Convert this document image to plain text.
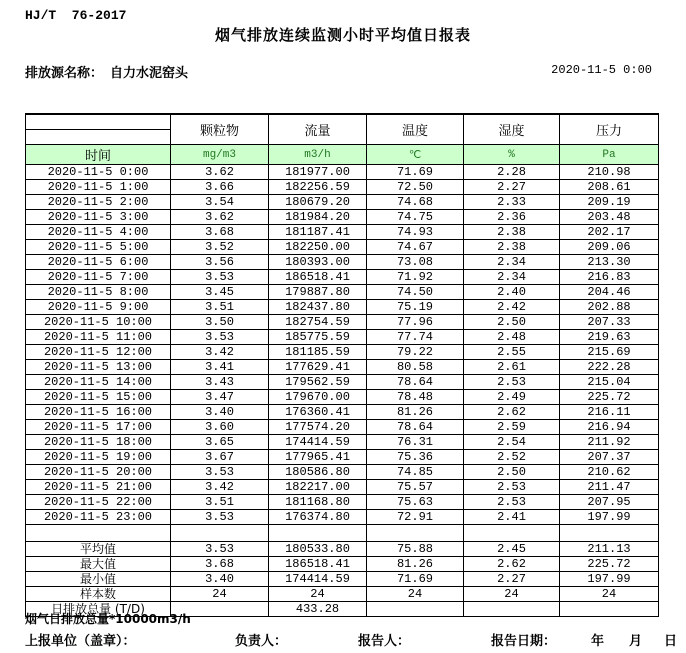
HJ/T  76-2017
烟气排放连续监测小时平均值日报表
排放源名称： 自力水泥窑头	2020-11-5 0:00
	颗粒物	流量	温度	湿度	压力

时间	mg/m3	m3/h	℃	%	Pa
2020-11-5 0:00	3.62	181977.00	71.69	2.28	210.98
2020-11-5 1:00	3.66	182256.59	72.50	2.27	208.61
2020-11-5 2:00	3.54	180679.20	74.68	2.33	209.19
2020-11-5 3:00	3.62	181984.20	74.75	2.36	203.48
2020-11-5 4:00	3.68	181187.41	74.93	2.38	202.17
2020-11-5 5:00	3.52	182250.00	74.67	2.38	209.06
2020-11-5 6:00	3.56	180393.00	73.08	2.34	213.30
2020-11-5 7:00	3.53	186518.41	71.92	2.34	216.83
2020-11-5 8:00	3.45	179887.80	74.50	2.40	204.46
2020-11-5 9:00	3.51	182437.80	75.19	2.42	202.88
2020-11-5 10:00	3.50	182754.59	77.96	2.50	207.33
2020-11-5 11:00	3.53	185775.59	77.74	2.48	219.63
2020-11-5 12:00	3.42	181185.59	79.22	2.55	215.69
2020-11-5 13:00	3.41	177629.41	80.58	2.61	222.28
2020-11-5 14:00	3.43	179562.59	78.64	2.53	215.04
2020-11-5 15:00	3.47	179670.00	78.48	2.49	225.72
2020-11-5 16:00	3.40	176360.41	81.26	2.62	216.11
2020-11-5 17:00	3.60	177574.20	78.64	2.59	216.94
2020-11-5 18:00	3.65	174414.59	76.31	2.54	211.92
2020-11-5 19:00	3.67	177965.41	75.36	2.52	207.37
2020-11-5 20:00	3.53	180586.80	74.85	2.50	210.62
2020-11-5 21:00	3.42	182217.00	75.57	2.53	211.47
2020-11-5 22:00	3.51	181168.80	75.63	2.53	207.95
2020-11-5 23:00	3.53	176374.80	72.91	2.41	197.99

平均值	3.53	180533.80	75.88	2.45	211.13
最大值	3.68	186518.41	81.26	2.62	225.72
最小值	3.40	174414.59	71.69	2.27	197.99
样本数	24	24	24	24	24
日排放总量 (T/D)		433.28			
烟气日排放总量*10000m3/h
上报单位（盖章）：	负责人：	报告人：	报告日期：	年 月 日
